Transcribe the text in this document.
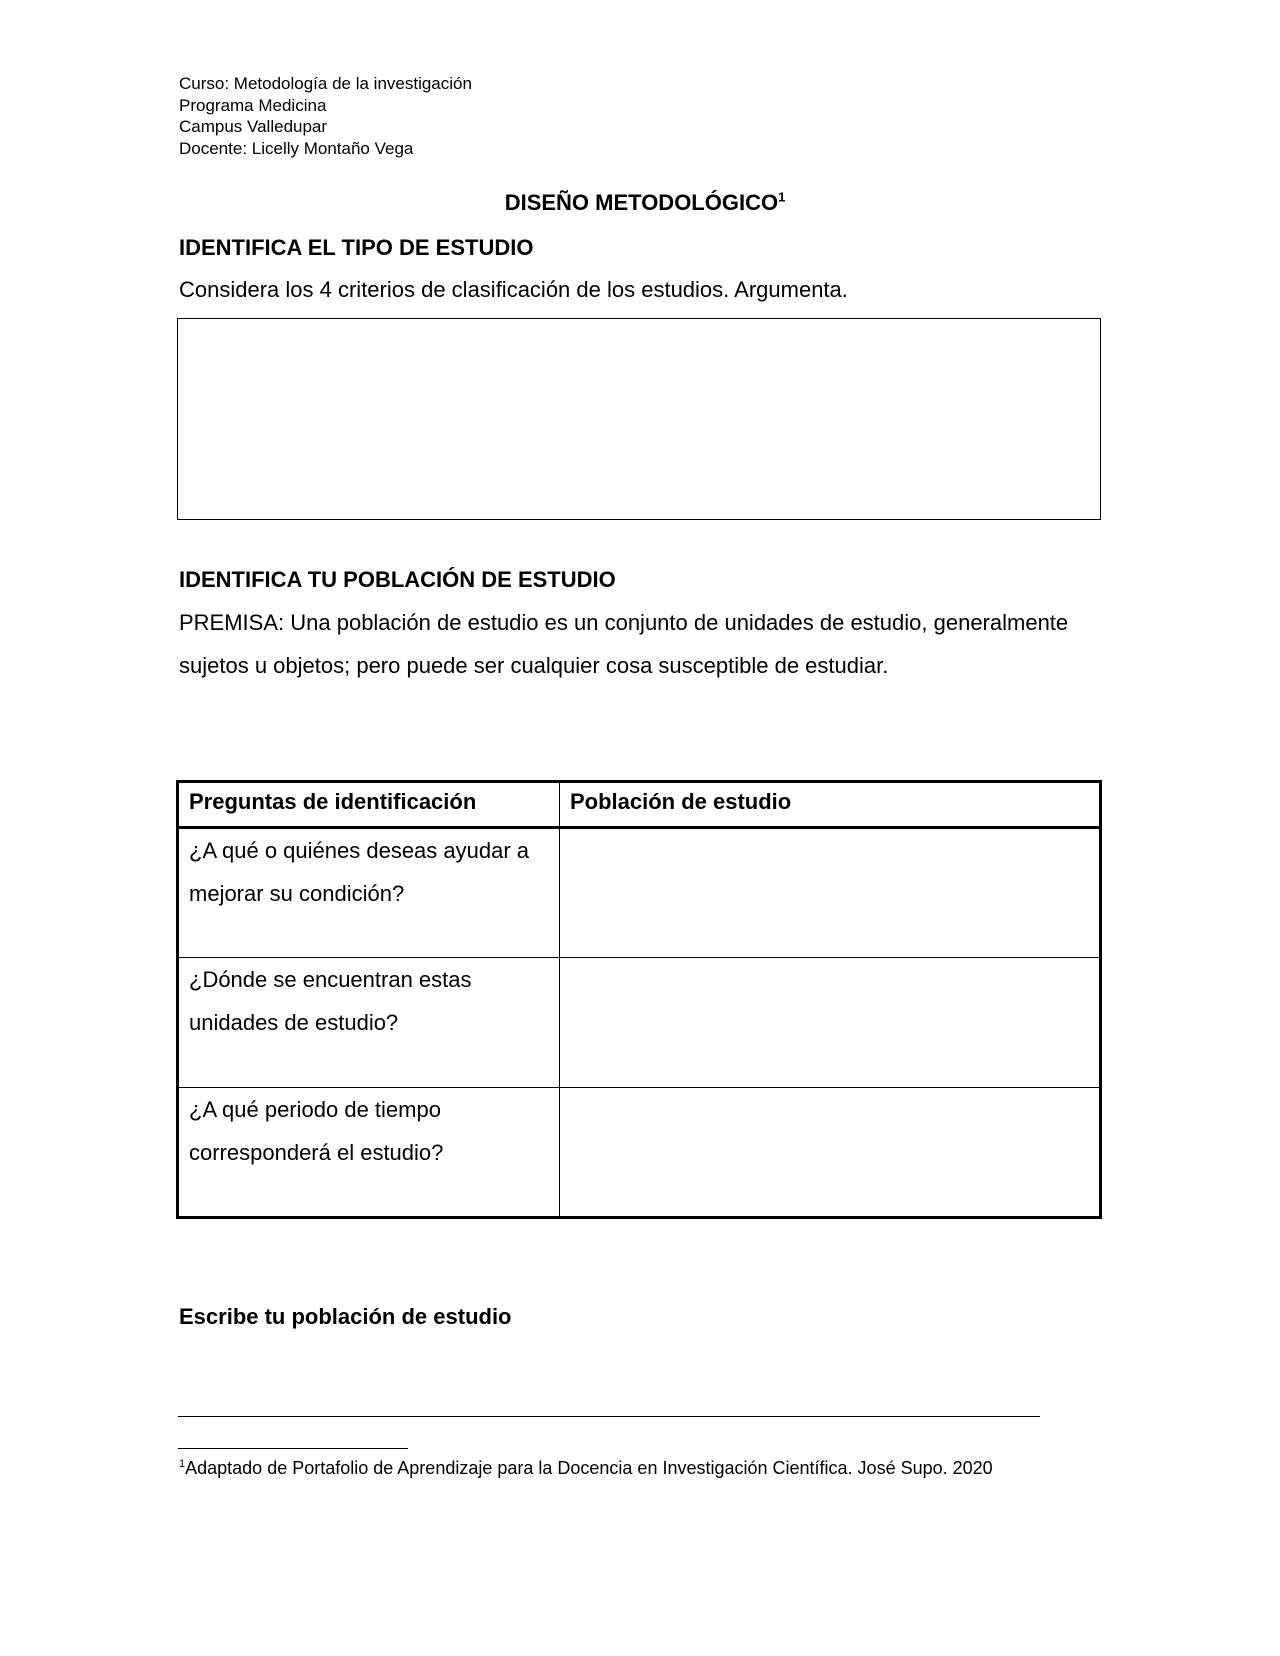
Curso: Metodología de la investigación
Programa Medicina
Campus Valledupar
Docente: Licelly Montaño Vega
DISEÑO METODOLÓGICO$^1$
IDENTIFICA EL TIPO DE ESTUDIO
Considera los 4 criterios de clasificación de los estudios. Argumenta.
IDENTIFICA TU POBLACIÓN DE ESTUDIO
PREMISA: Una población de estudio es un conjunto de unidades de estudio, generalmente sujetos u objetos; pero puede ser cualquier cosa susceptible de estudiar.
Preguntas de identificación	Población de estudio
¿A qué o quiénes deseas ayudar a mejorar su condición?	
¿Dónde se encuentran estas unidades de estudio?	
¿A qué periodo de tiempo corresponderá el estudio?	
Escribe tu población de estudio
$^1$Adaptado de Portafolio de Aprendizaje para la Docencia en Investigación Científica. José Supo. 2020
